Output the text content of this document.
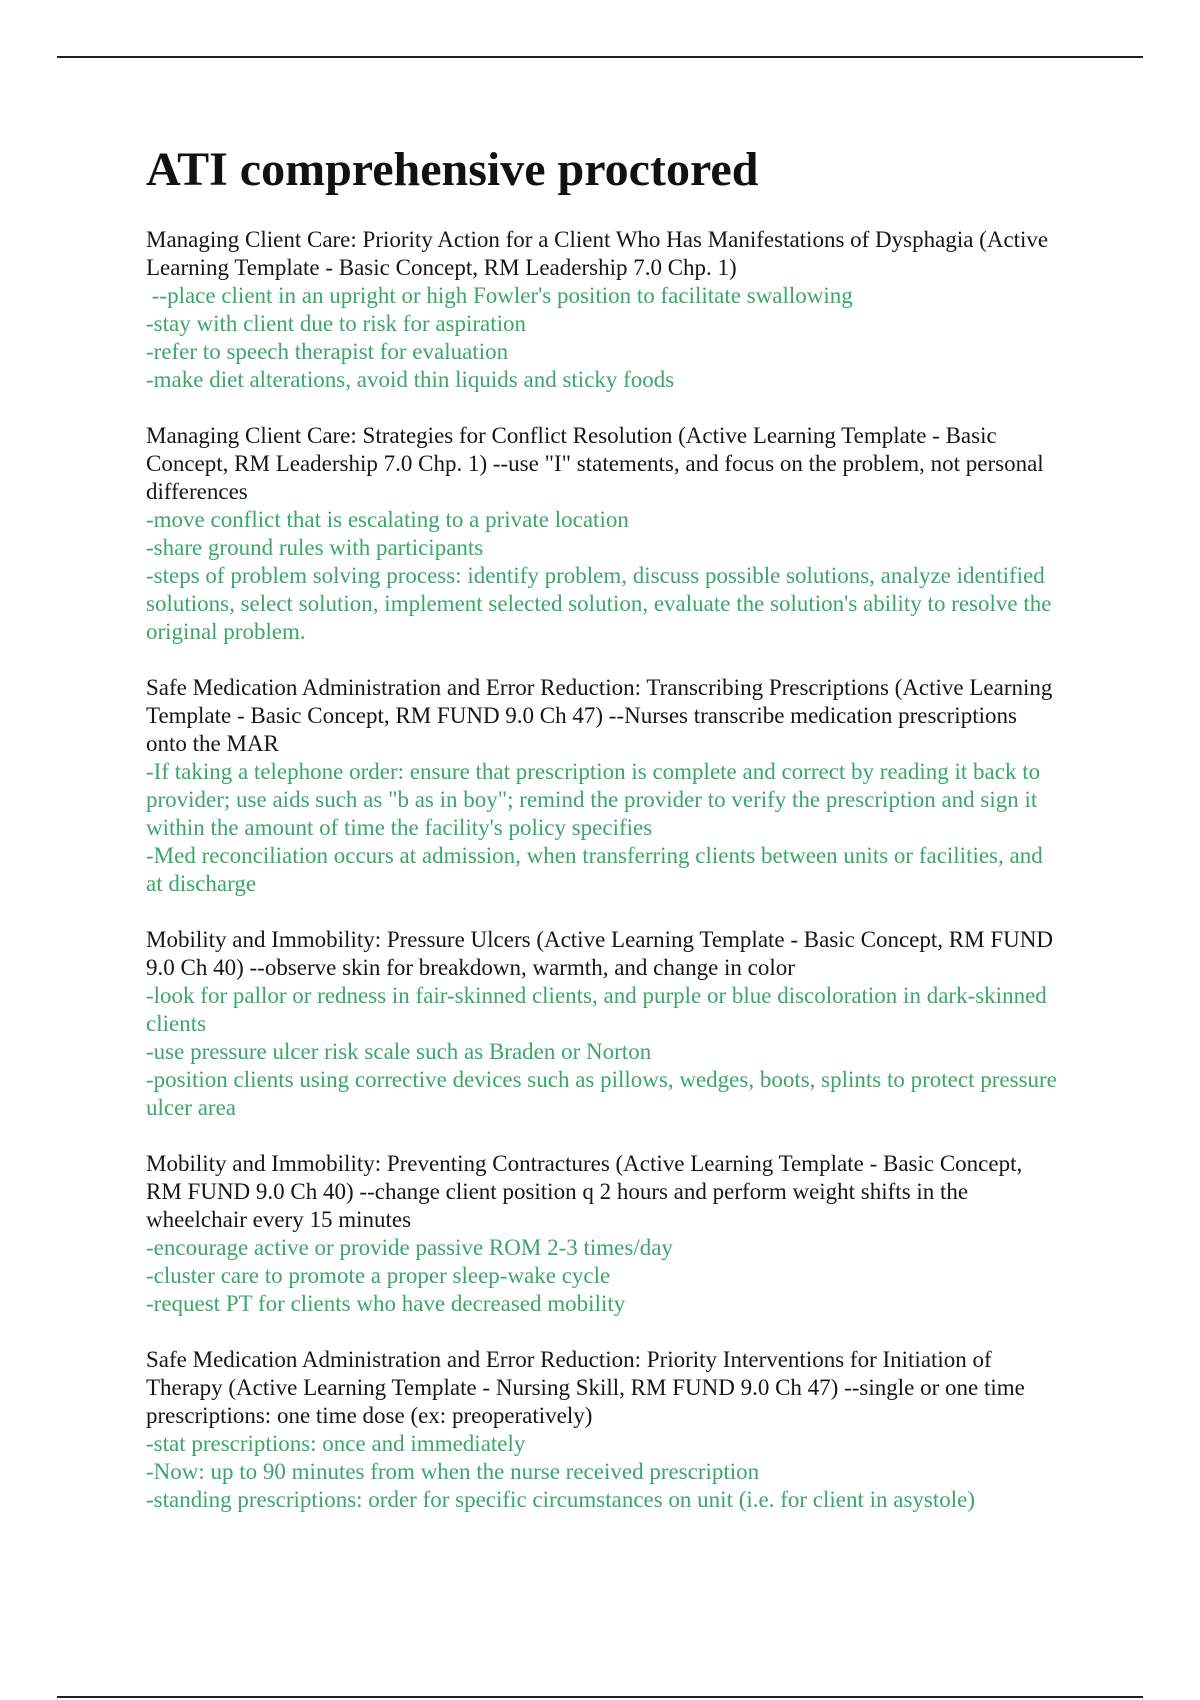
ATI comprehensive proctored
Managing Client Care: Priority Action for a Client Who Has Manifestations of Dysphagia (Active Learning Template - Basic Concept, RM Leadership 7.0 Chp. 1)
--place client in an upright or high Fowler's position to facilitate swallowing
-stay with client due to risk for aspiration
-refer to speech therapist for evaluation
-make diet alterations, avoid thin liquids and sticky foods
Managing Client Care: Strategies for Conflict Resolution (Active Learning Template - Basic Concept, RM Leadership 7.0 Chp. 1) --use "I" statements, and focus on the problem, not personal differences
-move conflict that is escalating to a private location
-share ground rules with participants
-steps of problem solving process: identify problem, discuss possible solutions, analyze identified solutions, select solution, implement selected solution, evaluate the solution's ability to resolve the original problem.
Safe Medication Administration and Error Reduction: Transcribing Prescriptions (Active Learning Template - Basic Concept, RM FUND 9.0 Ch 47) --Nurses transcribe medication prescriptions onto the MAR
-If taking a telephone order: ensure that prescription is complete and correct by reading it back to provider; use aids such as "b as in boy"; remind the provider to verify the prescription and sign it within the amount of time the facility's policy specifies
-Med reconciliation occurs at admission, when transferring clients between units or facilities, and at discharge
Mobility and Immobility: Pressure Ulcers (Active Learning Template - Basic Concept, RM FUND 9.0 Ch 40) --observe skin for breakdown, warmth, and change in color
-look for pallor or redness in fair-skinned clients, and purple or blue discoloration in dark-skinned clients
-use pressure ulcer risk scale such as Braden or Norton
-position clients using corrective devices such as pillows, wedges, boots, splints to protect pressure ulcer area
Mobility and Immobility: Preventing Contractures (Active Learning Template - Basic Concept, RM FUND 9.0 Ch 40) --change client position q 2 hours and perform weight shifts in the wheelchair every 15 minutes
-encourage active or provide passive ROM 2-3 times/day
-cluster care to promote a proper sleep-wake cycle
-request PT for clients who have decreased mobility
Safe Medication Administration and Error Reduction: Priority Interventions for Initiation of Therapy (Active Learning Template - Nursing Skill, RM FUND 9.0 Ch 47) --single or one time prescriptions: one time dose (ex: preoperatively)
-stat prescriptions: once and immediately
-Now: up to 90 minutes from when the nurse received prescription
-standing prescriptions: order for specific circumstances on unit (i.e. for client in asystole)
